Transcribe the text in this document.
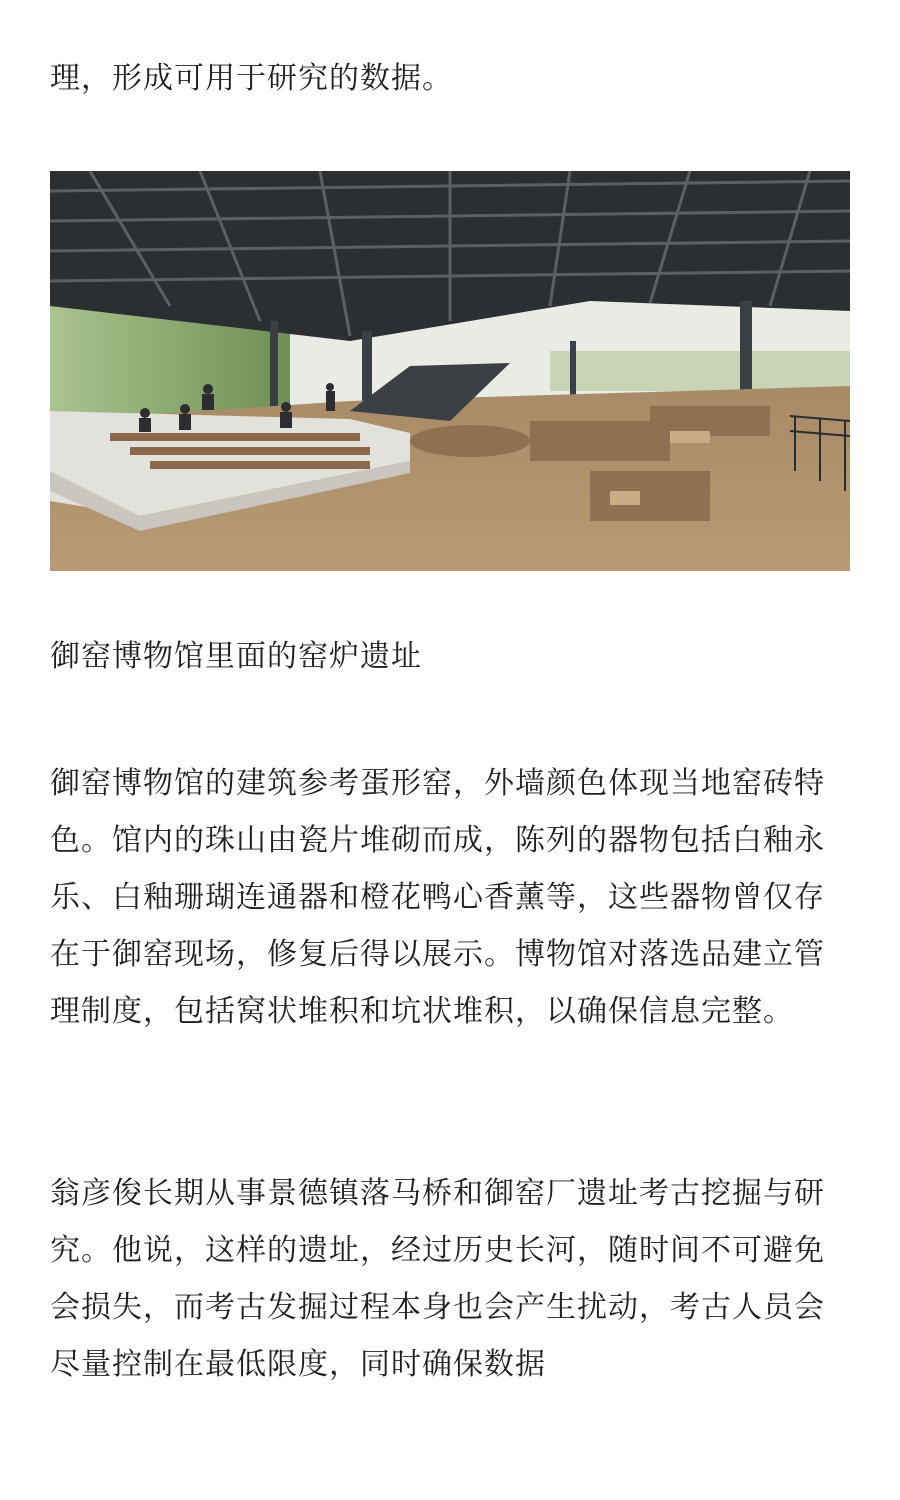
理，形成可用于研究的数据。

御窑博物馆里面的窑炉遗址

御窑博物馆的建筑参考蛋形窑，外墙颜色体现当地窑砖特色。馆内的珠山由瓷片堆砌而成，陈列的器物包括白釉永乐、白釉珊瑚连通器和橙花鸭心香薰等，这些器物曾仅存在于御窑现场，修复后得以展示。博物馆对落选品建立管理制度，包括窝状堆积和坑状堆积，以确保信息完整。

翁彦俊长期从事景德镇落马桥和御窑厂遗址考古挖掘与研究。他说，这样的遗址，经过历史长河，随时间不可避免会损失，而考古发掘过程本身也会产生扰动，考古人员会尽量控制在最低限度，同时确保数据
